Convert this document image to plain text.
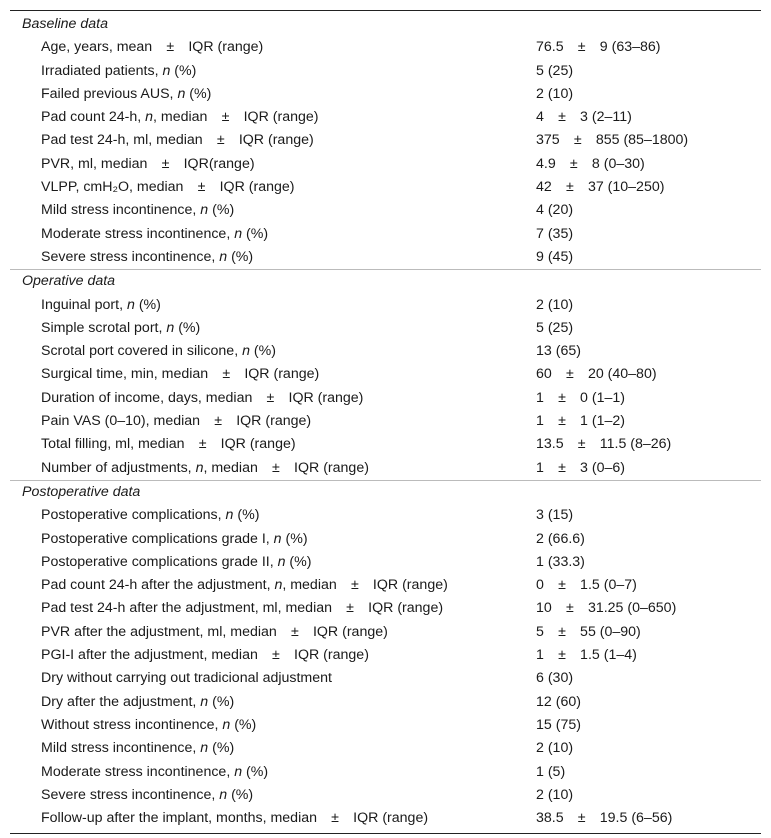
Baseline data
Age, years, mean ± IQR (range)	76.5 ± 9 (63–86)
Irradiated patients, n (%)	5 (25)
Failed previous AUS, n (%)	2 (10)
Pad count 24-h, n, median ± IQR (range)	4 ± 3 (2–11)
Pad test 24-h, ml, median ± IQR (range)	375 ± 855 (85–1800)
PVR, ml, median ± IQR(range)	4.9 ± 8 (0–30)
VLPP, cmH₂O, median ± IQR (range)	42 ± 37 (10–250)
Mild stress incontinence, n (%)	4 (20)
Moderate stress incontinence, n (%)	7 (35)
Severe stress incontinence, n (%)	9 (45)
Operative data
Inguinal port, n (%)	2 (10)
Simple scrotal port, n (%)	5 (25)
Scrotal port covered in silicone, n (%)	13 (65)
Surgical time, min, median ± IQR (range)	60 ± 20 (40–80)
Duration of income, days, median ± IQR (range)	1 ± 0 (1–1)
Pain VAS (0–10), median ± IQR (range)	1 ± 1 (1–2)
Total filling, ml, median ± IQR (range)	13.5 ± 11.5 (8–26)
Number of adjustments, n, median ± IQR (range)	1 ± 3 (0–6)
Postoperative data
Postoperative complications, n (%)	3 (15)
Postoperative complications grade I, n (%)	2 (66.6)
Postoperative complications grade II, n (%)	1 (33.3)
Pad count 24-h after the adjustment, n, median ± IQR (range)	0 ± 1.5 (0–7)
Pad test 24-h after the adjustment, ml, median ± IQR (range)	10 ± 31.25 (0–650)
PVR after the adjustment, ml, median ± IQR (range)	5 ± 55 (0–90)
PGI-I after the adjustment, median ± IQR (range)	1 ± 1.5 (1–4)
Dry without carrying out tradicional adjustment	6 (30)
Dry after the adjustment, n (%)	12 (60)
Without stress incontinence, n (%)	15 (75)
Mild stress incontinence, n (%)	2 (10)
Moderate stress incontinence, n (%)	1 (5)
Severe stress incontinence, n (%)	2 (10)
Follow-up after the implant, months, median ± IQR (range)	38.5 ± 19.5 (6–56)
